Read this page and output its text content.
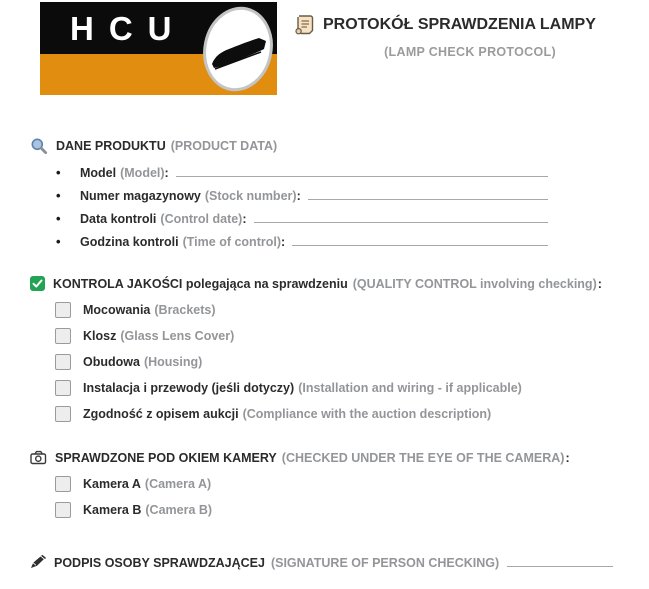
HCU	PROTOKÓŁ SPRAWDZENIA LAMPY
(LAMP CHECK PROTOCOL)
DANE PRODUKTU (PRODUCT DATA)
•	Model (Model) :
•	Numer magazynowy (Stock number) :
•	Data kontroli (Control date) :
•	Godzina kontroli (Time of control) :
KONTROLA JAKOŚCI polegająca na sprawdzeniu (QUALITY CONTROL involving checking) :
Mocowania (Brackets)
Klosz (Glass Lens Cover)
Obudowa (Housing)
Instalacja i przewody (jeśli dotyczy) (Installation and wiring - if applicable)
Zgodność z opisem aukcji (Compliance with the auction description)
SPRAWDZONE POD OKIEM KAMERY (CHECKED UNDER THE EYE OF THE CAMERA) :
Kamera A (Camera A)
Kamera B (Camera B)
PODPIS OSOBY SPRAWDZAJĄCEJ (SIGNATURE OF PERSON CHECKING)
